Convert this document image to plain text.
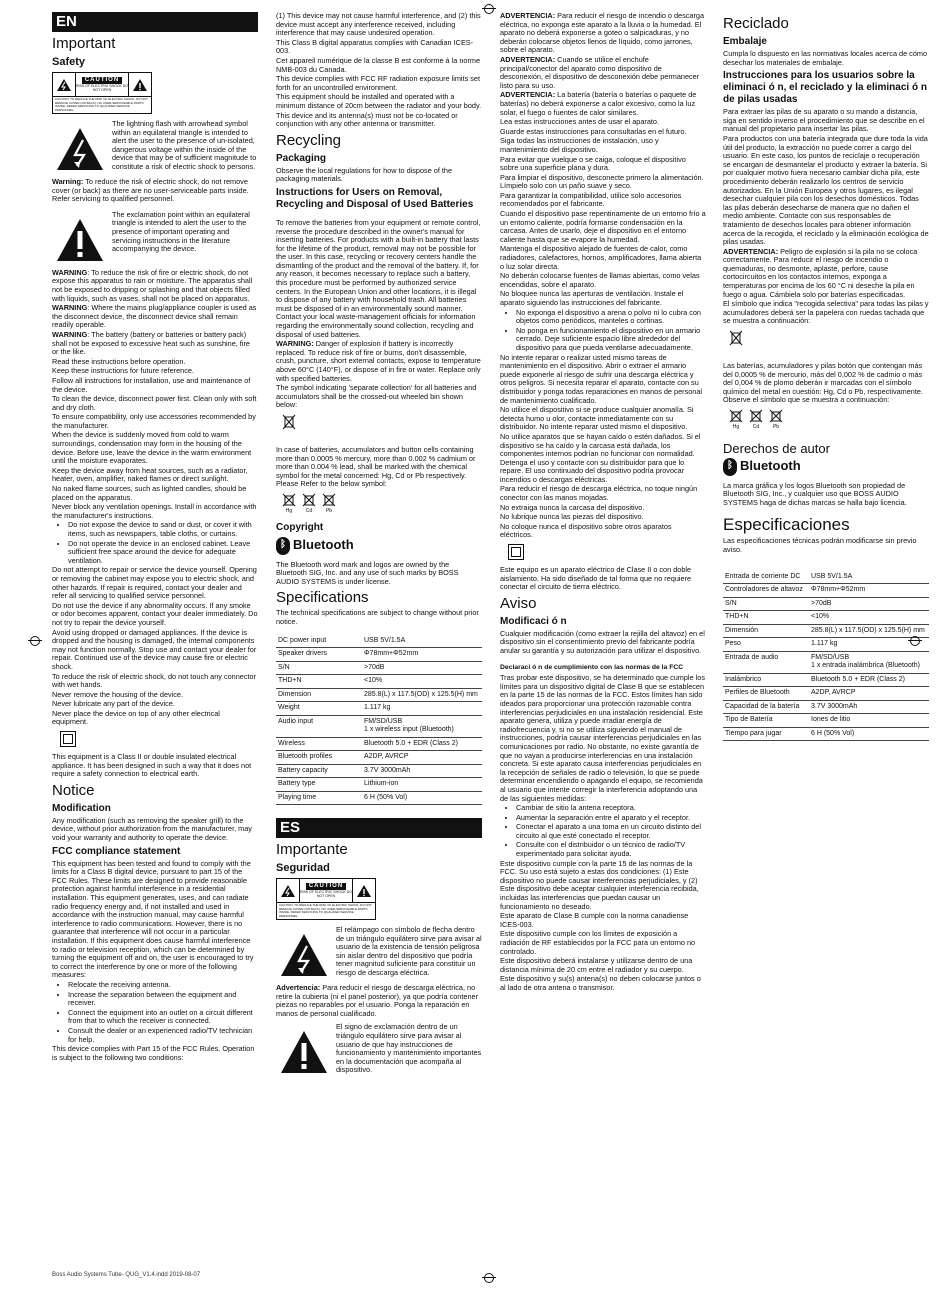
EN
Important
Safety
CAUTION
RISK OF ELECTRIC SHOCK DO NOT OPEN
CAUTION: TO REDUCE THE RISK OF ELECTRIC SHOCK, DO NOT REMOVE COVER (OR BACK). NO USER-SERVICEABLE PARTS INSIDE. REFER SERVICING TO QUALIFIED SERVICE PERSONNEL.

The lightning flash with arrowhead symbol within an equilateral triangle is intended to alert the user to the presence of un-isolated, dangerous voltage within the inside of the device that may be of sufficient magnitude to constitute a risk of electric shock to persons.

Warning: To reduce the risk of electric shock, do not remove cover (or back) as there are no user-serviceable parts inside. Refer servicing to qualified personnel.

The exclamation point within an equilateral triangle is intended to alert the user to the presence of important operating and servicing instructions in the literature accompanying the device.

WARNING: To reduce the risk of fire or electric shock, do not expose this apparatus to rain or moisture. The apparatus shall not be exposed to dripping or splashing and that objects filled with liquids, such as vases, shall not be placed on apparatus.

WARNING: Where the mains plug/appliance coupler is used as the disconnect device, the disconnect device shall remain readily operable.

WARNING: The battery (battery or batteries or battery pack) shall not be exposed to excessive heat such as sunshine, fire or the like.

Read these instructions before operation.

Keep these instructions for future reference.

Follow all instructions for installation, use and maintenance of the device.

To clean the device, disconnect power first. Clean only with soft and dry cloth.

To ensure compatibility, only use accessories recommended by the manufacturer.

When the device is suddenly moved from cold to warm surroundings, condensation may form in the housing of the device. Before use, leave the device in the warm environment until the moisture evaporates.

Keep the device away from heat sources, such as a radiator, heater, oven, amplifier, naked flames or direct sunlight.

No naked flame sources, such as lighted candles, should be placed on the apparatus.

Never block any ventilation openings. Install in accordance with the manufacturer's instructions.

• Do not expose the device to sand or dust, or cover it with items, such as newspapers, table cloths, or curtains.
• Do not operate the device in an enclosed cabinet. Leave sufficient free space around the device for adequate ventilation.

Do not attempt to repair or service the device yourself. Opening or removing the cabinet may expose you to electric shock, and other hazards. If repair is required, contact your dealer and refer all servicing to qualified service personnel.

Do not use the device if any abnormality occurs. If any smoke or odor becomes apparent, contact your dealer immediately. Do not try to repair the device yourself.

Avoid using dropped or damaged appliances. If the device is dropped and the housing is damaged, the internal components may not function normally. Stop use and contact your dealer for repair. Continued use of the device may cause fire or electric shock.

To reduce the risk of electric shock, do not touch any connector with wet hands.

Never remove the housing of the device.

Never lubricate any part of the device.

Never place the device on top of any other electrical equipment.

This equipment is a Class II or double insulated electrical appliance. It has been designed in such a way that it does not require a safety connection to electrical earth.

Notice
Modification

Any modification (such as removing the speaker grill) to the device, without prior authorization from the manufacturer, may void your warranty and authority to operate the device.

FCC compliance statement

This equipment has been tested and found to comply with the limits for a Class B digital device, pursuant to part 15 of the FCC Rules. These limits are designed to provide reasonable protection against harmful interference in a residential installation. This equipment generates, uses, and can radiate radio frequency energy and, if not installed and used in accordance with the instruction manual, may cause harmful interference to radio communications. However, there is no guarantee that interference will not occur in a particular installation. If this equipment does cause harmful interference to radio or television reception, which can be determined by turning the equipment off and on, the user is encouraged to try to correct the interference by one or more of the following measures:

• Relocate the receiving antenna.
• Increase the separation between the equipment and receiver.
• Connect the equipment into an outlet on a circuit different from that to which the receiver is connected.
• Consult the dealer or an experienced radio/TV technician for help.

This device complies with Part 15 of the FCC Rules. Operation is subject to the following two conditions:

(1) This device may not cause harmful interference, and (2) this device must accept any interference received, including interference that may cause undesired operation.

This Class B digital apparatus complies with Canadian ICES-003.

Cet appareil numérique de la classe B est conforme à la norme NMB-003 du Canada.

This device complies with FCC RF radiation exposure limits set forth for an uncontrolled environment.

This equipment should be installed and operated with a minimum distance of 20cm between the radiator and your body.

This device and its antenna(s) must not be co-located or conjunction with any other antenna or transmitter.

Recycling
Packaging

Observe the local regulations for how to dispose of the packaging materials.

Instructions for Users on Removal, Recycling and Disposal of Used Batteries

To remove the batteries from your equipment or remote control, reverse the procedure described in the owner's manual for inserting batteries. For products with a built-in battery that lasts for the lifetime of the product, removal may not be possible for the user. In this case, recycling or recovery centers handle the dismantling of the product and the removal of the battery. If, for any reason, it becomes necessary to replace such a battery, this procedure must be performed by authorized service centers. In the European Union and other locations, it is illegal to dispose of any battery with household trash. All batteries must be disposed of in an environmentally sound manner. Contact your local waste-management officials for information regarding the environmentally sound collection, recycling and disposal of used batteries.

WARNING: Danger of explosion if battery is incorrectly replaced. To reduce risk of fire or burns, don't disassemble, crush, puncture, short external contacts, expose to temperature above 60°C (140°F), or dispose of in fire or water. Replace only with specified batteries.

The symbol indicating 'separate collection' for all batteries and accumulators shall be the crossed-out wheeled bin shown below:

In case of batteries, accumulators and button cells containing more than 0.0005 % mercury, more than 0.002 % cadmium or more than 0.004 % lead, shall be marked with the chemical symbol for the metal concerned: Hg, Cd or Pb respectively. Please Refer to the below symbol:

Hg	Cd	Pb
Copyright
ᛒ Bluetooth

The Bluetooth word mark and logos are owned by the Bluetooth SIG, Inc. and any use of such marks by BOSS AUDIO SYSTEMS is under license.

Specifications

The technical specifications are subject to change without prior notice.

DC power input	USB 5V/1.5A
Speaker drivers	Φ78mm+Φ52mm
S/N	>70dB
THD+N	<10%
Dimension	285.8(L) x 117.5(OD) x 125.5(H) mm
Weight	1.117 kg
Audio input	FM/SD/USB
1 x wireless input (Bluetooth)
Wireless	Bluetooth 5.0 + EDR (Class 2)
Bluetooth profiles	A2DP, AVRCP
Battery capacity	3.7V 3000mAh
Battery type	Lithium-ion
Playing time	6 H (50% Vol)
ES
Importante
Seguridad
CAUTION
RISK OF ELECTRIC SHOCK DO NOT OPEN
CAUTION: TO REDUCE THE RISK OF ELECTRIC SHOCK, DO NOT REMOVE COVER (OR BACK). NO USER-SERVICEABLE PARTS INSIDE. REFER SERVICING TO QUALIFIED SERVICE PERSONNEL.

El relámpago con símbolo de flecha dentro de un triángulo equilátero sirve para avisar al usuario de la existencia de tensión peligrosa sin aislar dentro del dispositivo que podría tener magnitud suficiente para constituir un riesgo de descarga eléctrica.

Advertencia: Para reducir el riesgo de descarga eléctrica, no retire la cubierta (ni el panel posterior), ya que podría contener piezas no reparables por el usuario. Ponga la reparación en manos de personal cualificado.

El signo de exclamación dentro de un triángulo equilátero sirve para avisar al usuario de que hay instrucciones de funcionamiento y mantenimiento importantes en la documentación que acompaña al dispositivo.

ADVERTENCIA: Para reducir el riesgo de incendio o descarga eléctrica, no exponga este aparato a la lluvia o la humedad. El aparato no deberá exponerse a goteo o salpicaduras, y no deberán colocarse objetos llenos de líquido, como jarrones, sobre el aparato.

ADVERTENCIA: Cuando se utilice el enchufe principal/conector del aparato como dispositivo de desconexión, el dispositivo de desconexión debe permanecer listo para su uso.

ADVERTENCIA: La batería (batería o baterías o paquete de baterías) no deberá exponerse a calor excesivo, como la luz solar, el fuego o fuentes de calor similares.

Lea estas instrucciones antes de usar el aparato.

Guarde estas instrucciones para consultarlas en el futuro.

Siga todas las instrucciones de instalación, uso y mantenimiento del dispositivo.

Para evitar que vuelque o se caiga, coloque el dispositivo sobre una superficie plana y dura.

Para limpiar el dispositivo, desconecte primero la alimentación. Límpielo solo con un paño suave y seco.

Para garantizar la compatibilidad, utilice solo accesorios recomendados por el fabricante.

Cuando el dispositivo pase repentinamente de un entorno frío a un entorno caliente, podría formarse condensación en la carcasa. Antes de usarlo, deje el dispositivo en el entorno caliente hasta que se evapore la humedad.

Mantenga el dispositivo alejado de fuentes de calor, como radiadores, calefactores, hornos, amplificadores, llama abierta o luz solar directa.

No deberán colocarse fuentes de llamas abiertas, como velas encendidas, sobre el aparato.

No bloquee nunca las aperturas de ventilación. Instale el aparato siguiendo las instrucciones del fabricante.

• No exponga el dispositivo a arena o polvo ni lo cubra con objetos como periódicos, manteles o cortinas.
• No ponga en funcionamiento el dispositivo en un armario cerrado. Deje suficiente espacio libre alrededor del dispositivo para que pueda ventilarse adecuadamente.

No intente reparar o realizar usted mismo tareas de mantenimiento en el dispositivo. Abrir o extraer el armario puede exponerle al riesgo de sufrir una descarga eléctrica y otros peligros. Si necesita reparar el aparato, contacte con su distribuidor y ponga todas reparaciones en manos de personal de mantenimiento cualificado.

No utilice el dispositivo si se produce cualquier anomalía. Si detecta humo u olor, contacte inmediatamente con su distribuidor. No intente reparar usted mismo el dispositivo.

No utilice aparatos que se hayan caído o estén dañados. Si el dispositivo se ha caído y la carcasa está dañada, los componentes internos podrían no funcionar con normalidad. Detenga el uso y contacte con su distribuidor para que lo repare. El uso continuado del dispositivo podría provocar incendios o descargas eléctricas.

Para reducir el riesgo de descarga eléctrica, no toque ningún conector con las manos mojadas.

No extraiga nunca la carcasa del dispositivo.

No lubrique nunca las piezas del dispositivo.

No coloque nunca el dispositivo sobre otros aparatos eléctricos.

Este equipo es un aparato eléctrico de Clase II o con doble aislamiento. Ha sido diseñado de tal forma que no requiere conectar el circuito de tierra eléctrico.

Aviso
Modificaci ó n

Cualquier modificación (como extraer la rejilla del altavoz) en el dispositivo sin el consentimiento previo del fabricante podría anular su garantía y su autorización para utilizar el dispositivo.

Declaraci ó n de cumplimiento con las normas de la FCC

Tras probar este dispositivo, se ha determinado que cumple los límites para un dispositivo digital de Clase B que se establecen en la parte 15 de las normas de la FCC. Estos límites han sido ideados para proporcionar una protección razonable contra interferencias perjudiciales en una instalación residencial. Este aparato genera, utiliza y puede irradiar energía de radiofrecuencia y, si no se utiliza siguiendo el manual de instrucciones, podría causar interferencias perjudiciales en las comunicaciones por radio. No obstante, no existe garantía de que no vayan a producirse interferencias en una instalación concreta. Si este aparato causa interferencias perjudiciales en la recepción de señales de radio o televisión, lo que se puede determinar encendiendo o apagando el equipo, se recomienda al usuario que intente corregir la interferencia adoptando una de las siguientes medidas:

• Cambiar de sitio la antena receptora.
• Aumentar la separación entre el aparato y el receptor.
• Conectar el aparato a una toma en un circuito distinto del circuito al que esté conectado el receptor.
• Consulte con el distribuidor o un técnico de radio/TV experimentado para solicitar ayuda.

Este dispositivo cumple con la parte 15 de las normas de la FCC. Su uso está sujeto a estas dos condiciones: (1) Este dispositivo no puede causar interferencias perjudiciales, y (2) Este dispositivo debe aceptar cualquier interferencia recibida, incluidas las interferencias que puedan causar un funcionamiento no deseado.

Este aparato de Clase B cumple con la norma canadiense ICES-003.

Este dispositivo cumple con los límites de exposición a radiación de RF establecidos por la FCC para un entorno no controlado.

Este dispositivo deberá instalarse y utilizarse dentro de una distancia mínima de 20 cm entre el radiador y su cuerpo.

Este dispositivo y su(s) antena(s) no deben colocarse juntos o al lado de otra antena o transmisor.

Reciclado
Embalaje

Cumpla lo dispuesto en las normativas locales acerca de cómo desechar los materiales de embalaje.

Instrucciones para los usuarios sobre la eliminaci ó n, el reciclado y la eliminaci ó n de pilas usadas

Para extraer las pilas de su aparato o su mando a distancia, siga en sentido inverso el procedimiento que se describe en el manual del propietario para insertar las pilas.

Para productos con una batería integrada que dure toda la vida útil del producto, la extracción no puede correr a cargo del usuario. En este caso, los puntos de reciclaje o recuperación se encargan de desmantelar el producto y extraer la batería. Si por cualquier motivo fuera necesario cambiar dicha pila, este procedimiento deberán realizarlo los centros de servicio autorizados. En la Unión Europea y otros lugares, es ilegal desechar cualquier pila con los desechos domésticos. Todas las pilas deberán desecharse de manera que no dañen el medio ambiente. Contacte con sus responsables de tratamiento de desechos locales para obtener información acerca de la recogida, el reciclado y la eliminación ecológica de pilas usadas.

ADVERTENCIA: Peligro de explosión si la pila no se coloca correctamente. Para reducir el riesgo de incendio o quemaduras, no desmonte, aplaste, perfore, cause cortocircuitos en los contactos internos, exponga a temperaturas por encima de los 60 °C ni deseche la pila en fuego o agua. Cámbiela solo por baterías especificadas.

El símbolo que indica "recogida selectiva" para todas las pilas y acumuladores deberá ser la papelera con ruedas tachada que se muestra a continuación:

Las baterías, acumuladores y pilas botón que contengan más del 0,0005 % de mercurio, más del 0,002 % de cadmio o más del 0,004 % de plomo deberán ir marcadas con el símbolo químico del metal en cuestión: Hg, Cd o Pb, respectivamente. Observe el símbolo que se muestra a continuación:

Hg	Cd	Pb
Derechos de autor
ᛒ Bluetooth

La marca gráfica y los logos Bluetooth son propiedad de Bluetooth SIG, Inc., y cualquier uso que BOSS AUDIO SYSTEMS haga de dichas marcas se halla bajo licencia.

Especificaciones

Las especificaciones técnicas podrán modificarse sin previo aviso.

Entrada de corriente DC	USB 5V/1.5A
Controladores de altavoz	Φ78mm+Φ52mm
S/N	>70dB
THD+N	<10%
Dimensión	285.8(L) x 117.5(OD) x 125.5(H) mm
Peso	1.117 kg
Entrada de audio	FM/SD/USB
1 x entrada inalámbrica (Bluetooth)
Inalámbrico	Bluetooth 5.0 + EDR (Class 2)
Perfiles de Bluetooth	A2DP, AVRCP
Capacidad de la batería	3.7V 3000mAh
Tipo de Batería	Iones de litio
Tiempo para jugar	6 H (50% Vol)
Boss Audio Systems Tube- QUG_V1.4.indd 2019-08-07
